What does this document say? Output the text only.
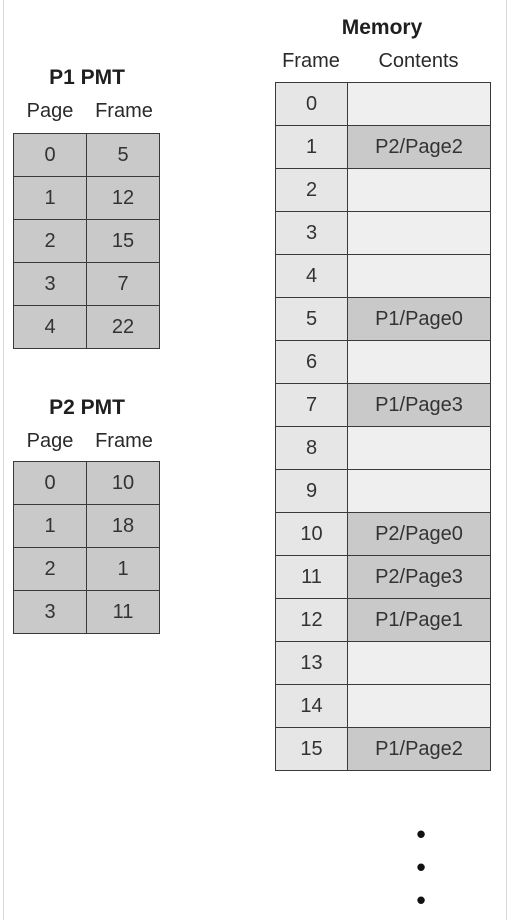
P1 PMT
Page	Frame
0	5
1	12
2	15
3	7
4	22
P2 PMT
Page	Frame
0	10
1	18
2	1
3	11
Memory
Frame	Contents
0	
1	P2/Page2
2	
3	
4	
5	P1/Page0
6	
7	P1/Page3
8	
9	
10	P2/Page0
11	P2/Page3
12	P1/Page1
13	
14	
15	P1/Page2
•
•
•
